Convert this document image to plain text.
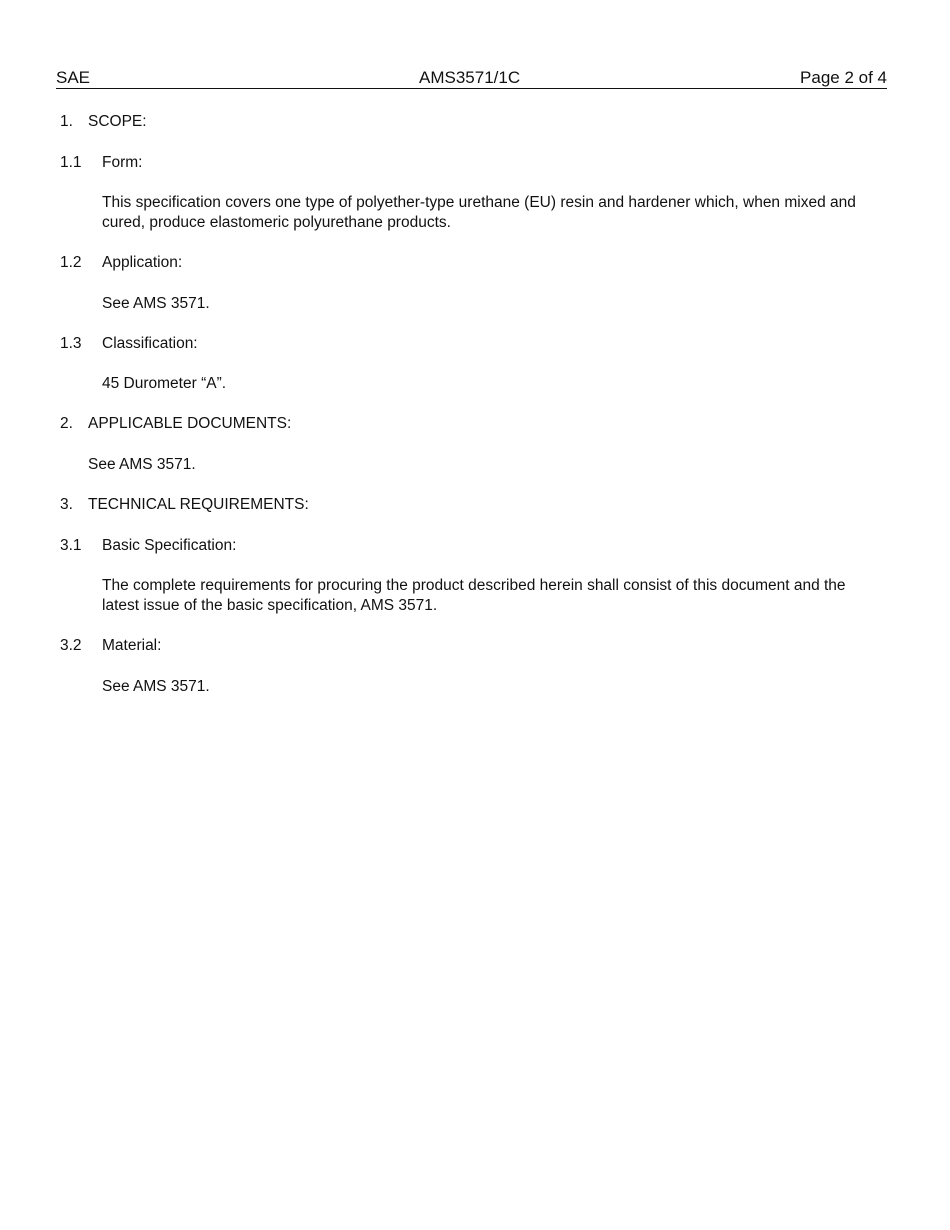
SAE	AMS3571/1C	Page 2 of 4
1. SCOPE:
1.1 Form:
This specification covers one type of polyether-type urethane (EU) resin and hardener which, when mixed and cured, produce elastomeric polyurethane products.
1.2 Application:
See AMS 3571.
1.3 Classification:
45 Durometer “A”.
2. APPLICABLE DOCUMENTS:
See AMS 3571.
3. TECHNICAL REQUIREMENTS:
3.1 Basic Specification:
The complete requirements for procuring the product described herein shall consist of this document and the latest issue of the basic specification, AMS 3571.
3.2 Material:
See AMS 3571.
